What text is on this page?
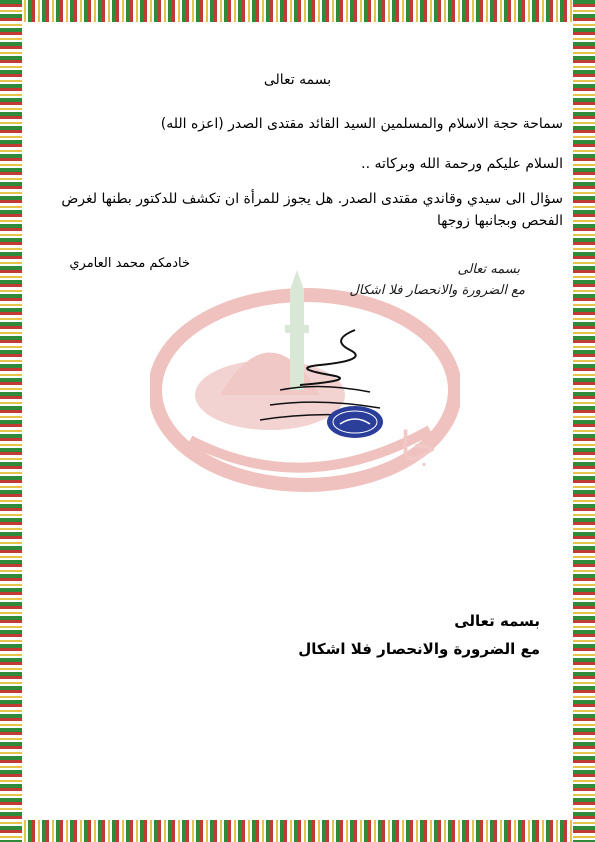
جا
بسمه تعالى
سماحة حجة الاسلام والمسلمين السيد القائد مقتدى الصدر (اعزه الله)
السلام عليكم ورحمة الله وبركاته ..
سؤال الى سيدي وقاندي مقتدى الصدر. هل يجوز للمرأة ان تكشف للدكتور بطنها لغرض الفحص وبجانبها زوجها
خادمكم محمد العامري	بسمه تعالى
مع الضرورة والانحصار فلا اشكال
بسمه تعالى
مع الضرورة والانحصار فلا اشكال
